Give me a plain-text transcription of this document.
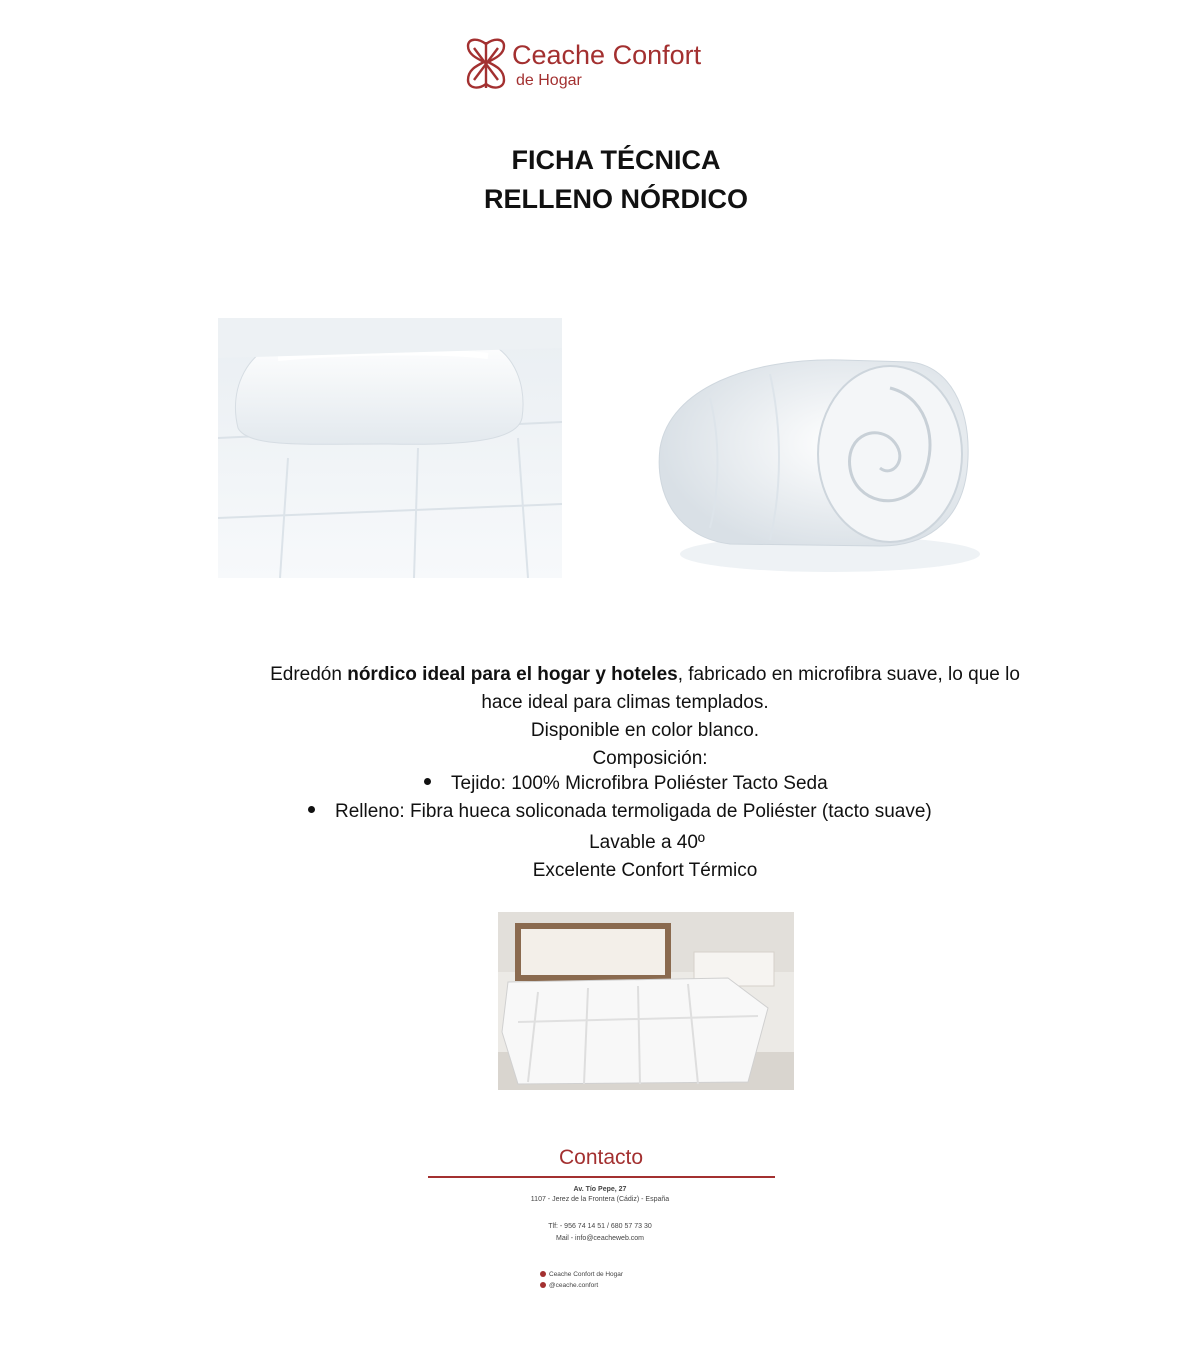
Ceache Confort
de Hogar
FICHA TÉCNICA
RELLENO NÓRDICO
Edredón nórdico ideal para el hogar y hoteles, fabricado en microfibra suave, lo que lo
hace ideal para climas templados.
Disponible en color blanco.
Composición:
Tejido: 100% Microfibra Poliéster Tacto Seda
Relleno: Fibra hueca soliconada termoligada de Poliéster (tacto suave)
Lavable a 40º
Excelente Confort Térmico
Contacto
Av. Tío Pepe, 27
1107 - Jerez de la Frontera (Cádiz) - España
Tlf: - 956 74 14 51 / 680 57 73 30
Mail - info@ceacheweb.com
Ceache Confort de Hogar
@ceache.confort
